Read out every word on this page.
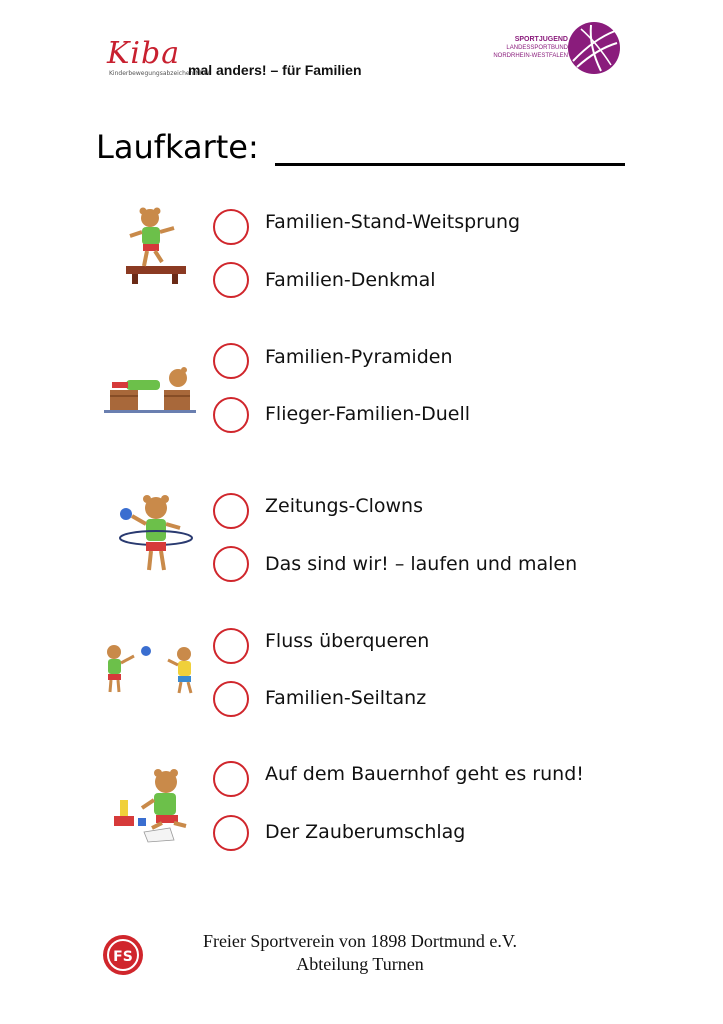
Kiba
Kinderbewegungsabzeichen NRW
mal anders! – für Familien
SPORTJUGEND
LANDESSPORTBUND
NORDRHEIN-WESTFALEN
Laufkarte:
Familien-Stand-Weitsprung
Familien-Denkmal
Familien-Pyramiden
Flieger-Familien-Duell
Zeitungs-Clowns
Das sind wir! – laufen und malen
Fluss überqueren
Familien-Seiltanz
Auf dem Bauernhof geht es rund!
Der Zauberumschlag
FS
Freier Sportverein von 1898 Dortmund e.V.
Abteilung Turnen
